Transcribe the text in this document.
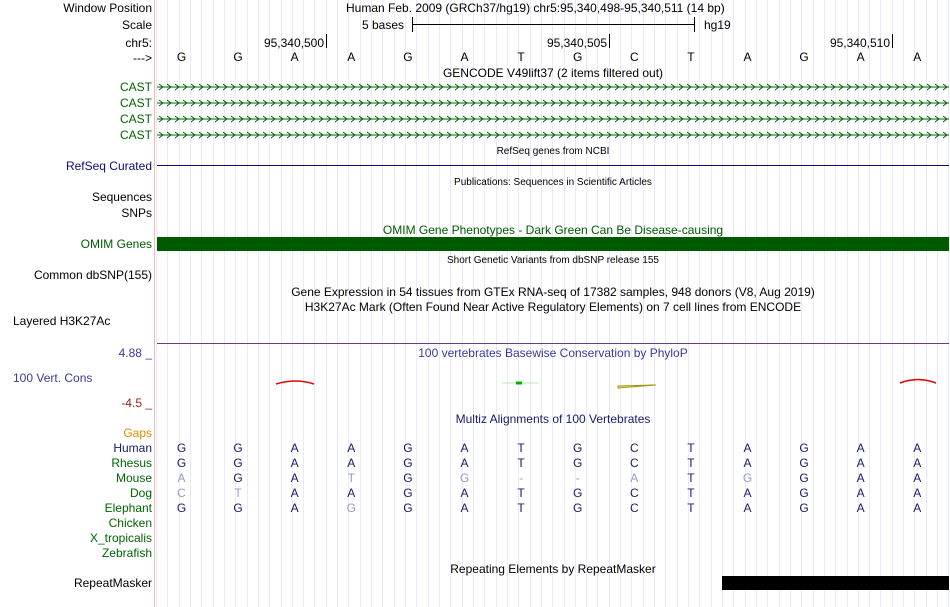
Window Position	Human Feb. 2009 (GRCh37/hg19) chr5:95,340,498-95,340,511 (14 bp)
Scale	5 bases	hg19
chr5:	95,340,500	95,340,505	95,340,510
--->	G	G	A	A	G	A	T	G	C	T	A	G	A	A
GENCODE V49lift37 (2 items filtered out)
CAST
CAST
CAST
CAST
RefSeq genes from NCBI
RefSeq Curated
Publications: Sequences in Scientific Articles
Sequences
SNPs
OMIM Gene Phenotypes - Dark Green Can Be Disease-causing
OMIM Genes
Short Genetic Variants from dbSNP release 155
Common dbSNP(155)
Gene Expression in 54 tissues from GTEx RNA-seq of 17382 samples, 948 donors (V8, Aug 2019)
H3K27Ac Mark (Often Found Near Active Regulatory Elements) on 7 cell lines from ENCODE
Layered H3K27Ac
100 vertebrates Basewise Conservation by PhyloP
4.88 _
100 Vert. Cons
-4.5 _
Multiz Alignments of 100 Vertebrates
Gaps
Human	G	G	A	A	G	A	T	G	C	T	A	G	A	A
Rhesus	G	G	A	A	G	A	T	G	C	T	A	G	A	A
Mouse	A	G	A	T	G	G	-	-	A	T	G	G	A	A
Dog	C	T	A	A	G	A	T	G	C	T	A	G	A	A
Elephant	G	G	A	G	G	A	T	G	C	T	A	G	A	A
Chicken
X_tropicalis
Zebrafish
Repeating Elements by RepeatMasker
RepeatMasker
